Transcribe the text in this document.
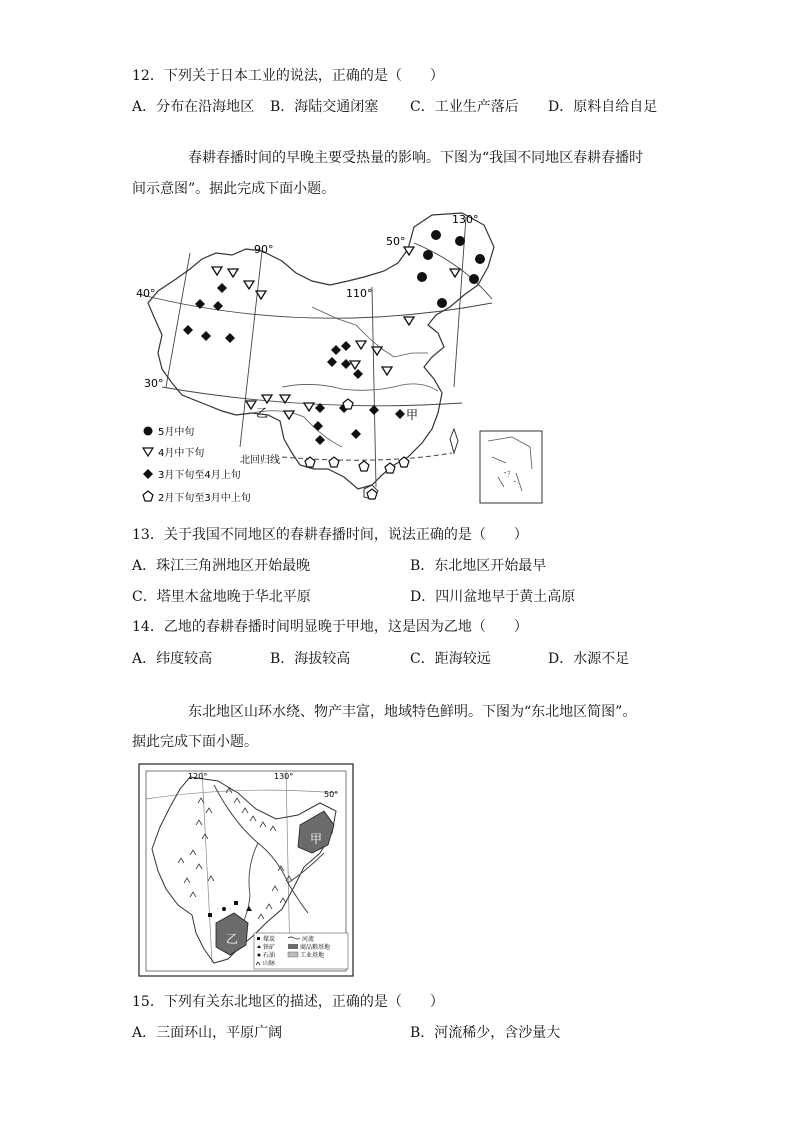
12．下列关于日本工业的说法，正确的是（　　）
A．分布在沿海地区 B．海陆交通闭塞 C．工业生产落后 D．原料自给自足
春耕春播时间的早晚主要受热量的影响。下图为“我国不同地区春耕春播时
间示意图”。据此完成下面小题。
90°
110°
130°
40°
30°
50°
甲
乙
北回归线
5月中旬
4月中下旬
3月下旬至4月上旬
2月下旬至3月中上旬
13．关于我国不同地区的春耕春播时间，说法正确的是（　　）
A．珠江三角洲地区开始最晚	B．东北地区开始最早
C．塔里木盆地晚于华北平原	D．四川盆地早于黄土高原
14．乙地的春耕春播时间明显晚于甲地，这是因为乙地（　　）
A．纬度较高	B．海拔较高	C．距海较远	D．水源不足
东北地区山环水绕、物产丰富，地域特色鲜明。下图为“东北地区简图”。
据此完成下面小题。
甲
乙
120°	130°
50°
煤炭	河流
铁矿	商品粮基地
石油	工业基地
山脉
15．下列有关东北地区的描述，正确的是（　　）
A．三面环山，平原广阔	B．河流稀少，含沙量大
